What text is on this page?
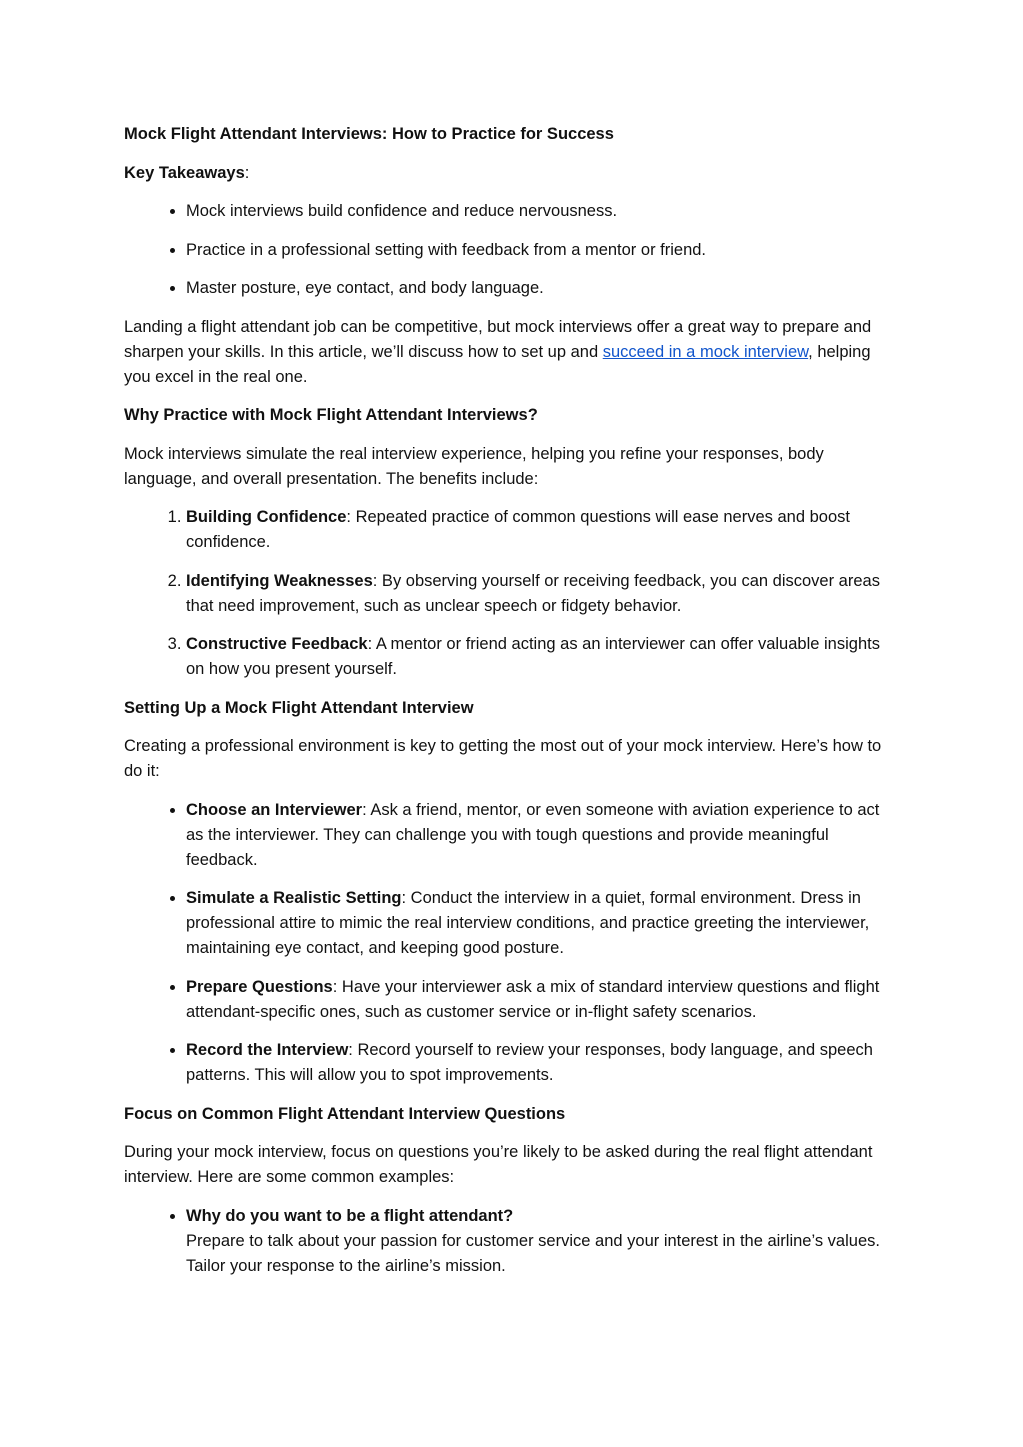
Mock Flight Attendant Interviews: How to Practice for Success

Key Takeaways:

• Mock interviews build confidence and reduce nervousness.
• Practice in a professional setting with feedback from a mentor or friend.
• Master posture, eye contact, and body language.

Landing a flight attendant job can be competitive, but mock interviews offer a great way to prepare and sharpen your skills. In this article, we’ll discuss how to set up and succeed in a mock interview, helping you excel in the real one.

Why Practice with Mock Flight Attendant Interviews?

Mock interviews simulate the real interview experience, helping you refine your responses, body language, and overall presentation. The benefits include:

1. Building Confidence: Repeated practice of common questions will ease nerves and boost confidence.
2. Identifying Weaknesses: By observing yourself or receiving feedback, you can discover areas that need improvement, such as unclear speech or fidgety behavior.
3. Constructive Feedback: A mentor or friend acting as an interviewer can offer valuable insights on how you present yourself.

Setting Up a Mock Flight Attendant Interview

Creating a professional environment is key to getting the most out of your mock interview. Here’s how to do it:

• Choose an Interviewer: Ask a friend, mentor, or even someone with aviation experience to act as the interviewer. They can challenge you with tough questions and provide meaningful feedback.
• Simulate a Realistic Setting: Conduct the interview in a quiet, formal environment. Dress in professional attire to mimic the real interview conditions, and practice greeting the interviewer, maintaining eye contact, and keeping good posture.
• Prepare Questions: Have your interviewer ask a mix of standard interview questions and flight attendant-specific ones, such as customer service or in-flight safety scenarios.
• Record the Interview: Record yourself to review your responses, body language, and speech patterns. This will allow you to spot improvements.

Focus on Common Flight Attendant Interview Questions

During your mock interview, focus on questions you’re likely to be asked during the real flight attendant interview. Here are some common examples:

• Why do you want to be a flight attendant?
Prepare to talk about your passion for customer service and your interest in the airline’s values. Tailor your response to the airline’s mission.
